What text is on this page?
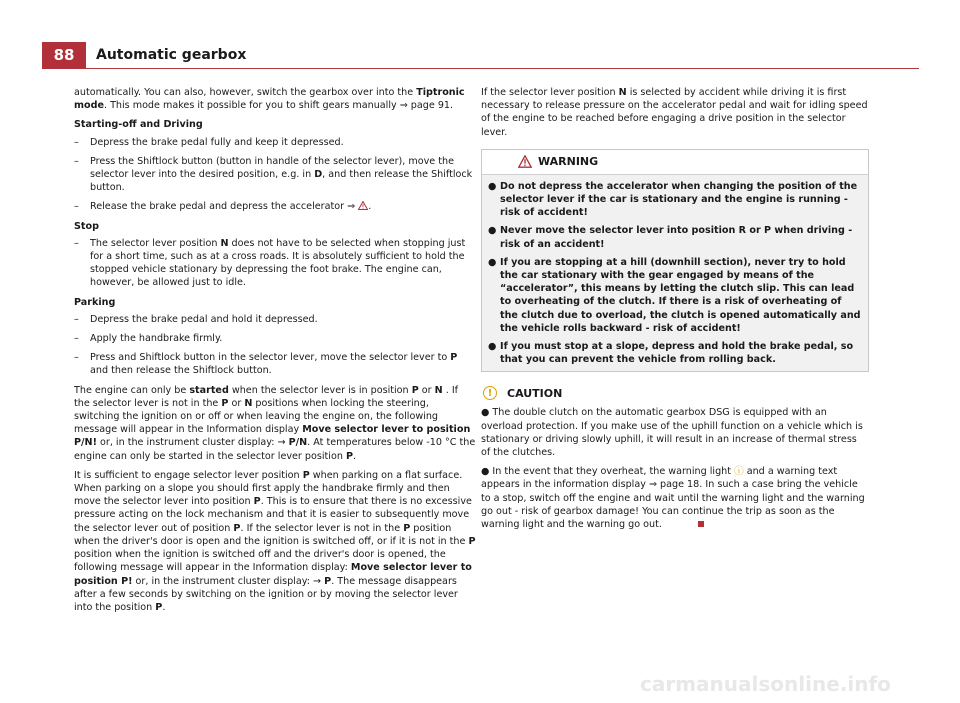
88	Automatic gearbox

automatically. You can also, however, switch the gearbox over into the Tiptronic mode. This mode makes it possible for you to shift gears manually ⇒ page 91.

Starting-off and Driving
– Depress the brake pedal fully and keep it depressed.
– Press the Shiftlock button (button in handle of the selector lever), move the selector lever into the desired position, e.g. in D, and then release the Shiftlock button.
– Release the brake pedal and depress the accelerator ⇒ .
Stop
– The selector lever position N does not have to be selected when stopping just for a short time, such as at a cross roads. It is absolutely sufficient to hold the stopped vehicle stationary by depressing the foot brake. The engine can, however, be allowed just to idle.
Parking
– Depress the brake pedal and hold it depressed.
– Apply the handbrake firmly.
– Press and Shiftlock button in the selector lever, move the selector lever to P and then release the Shiftlock button.

The engine can only be started when the selector lever is in position P or N . If the selector lever is not in the P or N positions when locking the steering, switching the ignition on or off or when leaving the engine on, the following message will appear in the Information display Move selector lever to position P/N! or, in the instrument cluster display: → P/N. At temperatures below -10 °C the engine can only be started in the selector lever position P.

It is sufficient to engage selector lever position P when parking on a flat surface. When parking on a slope you should first apply the handbrake firmly and then move the selector lever into position P. This is to ensure that there is no excessive pressure acting on the lock mechanism and that it is easier to subsequently move the selector lever out of position P. If the selector lever is not in the P position when the driver's door is open and the ignition is switched off, or if it is not in the P position when the ignition is switched off and the driver's door is opened, the following message will appear in the Information display: Move selector lever to position P! or, in the instrument cluster display: → P. The message disappears after a few seconds by switching on the ignition or by moving the selector lever into the position P.

If the selector lever position N is selected by accident while driving it is first necessary to release pressure on the accelerator pedal and wait for idling speed of the engine to be reached before engaging a drive position in the selector lever.

WARNING

● Do not depress the accelerator when changing the position of the selector lever if the car is stationary and the engine is running - risk of accident!

● Never move the selector lever into position R or P when driving - risk of an accident!

● If you are stopping at a hill (downhill section), never try to hold the car stationary with the gear engaged by means of the “accelerator”, this means by letting the clutch slip. This can lead to overheating of the clutch. If there is a risk of overheating of the clutch due to overload, the clutch is opened automatically and the vehicle rolls backward - risk of accident!

● If you must stop at a slope, depress and hold the brake pedal, so that you can prevent the vehicle from rolling back.

!	CAUTION

● The double clutch on the automatic gearbox DSG is equipped with an overload protection. If you make use of the uphill function on a vehicle which is stationary or driving slowly uphill, it will result in an increase of thermal stress of the clutches.

● In the event that they overheat, the warning light ⓘ and a warning text appears in the information display ⇒ page 18. In such a case bring the vehicle to a stop, switch off the engine and wait until the warning light and the warning go out - risk of gearbox damage! You can continue the trip as soon as the warning light and the warning go out.

carmanualsonline.info
